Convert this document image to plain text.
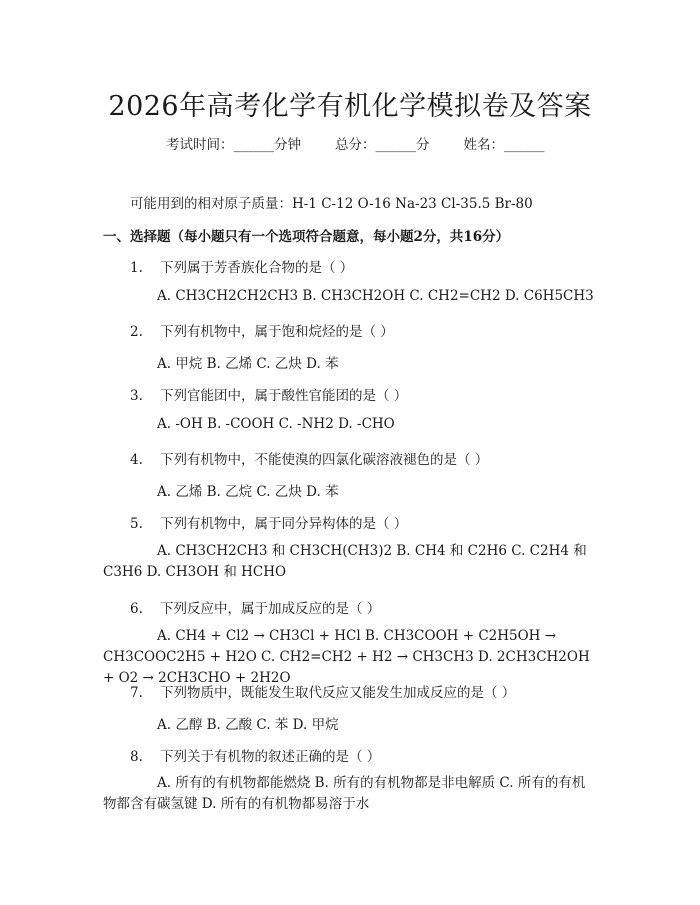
2026年高考化学有机化学模拟卷及答案
考试时间：______分钟	总分：______分	姓名：______
可能用到的相对原子质量：H-1 C-12 O-16 Na-23 Cl-35.5 Br-80
一、选择题（每小题只有一个选项符合题意，每小题2分，共16分）
1. 下列属于芳香族化合物的是（ ）
A. CH3CH2CH2CH3 B. CH3CH2OH C. CH2=CH2 D. C6H5CH3
2. 下列有机物中，属于饱和烷烃的是（ ）
A. 甲烷 B. 乙烯 C. 乙炔 D. 苯
3. 下列官能团中，属于酸性官能团的是（ ）
A. -OH B. -COOH C. -NH2 D. -CHO
4. 下列有机物中，不能使溴的四氯化碳溶液褪色的是（ ）
A. 乙烯 B. 乙烷 C. 乙炔 D. 苯
5. 下列有机物中，属于同分异构体的是（ ）
A. CH3CH2CH3 和 CH3CH(CH3)2 B. CH4 和 C2H6 C. C2H4 和 C3H6 D. CH3OH 和 HCHO
6. 下列反应中，属于加成反应的是（ ）
A. CH4 + Cl2 → CH3Cl + HCl B. CH3COOH + C2H5OH → CH3COOC2H5 + H2O C. CH2=CH2 + H2 → CH3CH3 D. 2CH3CH2OH + O2 → 2CH3CHO + 2H2O
7. 下列物质中，既能发生取代反应又能发生加成反应的是（ ）
A. 乙醇 B. 乙酸 C. 苯 D. 甲烷
8. 下列关于有机物的叙述正确的是（ ）
A. 所有的有机物都能燃烧 B. 所有的有机物都是非电解质 C. 所有的有机物都含有碳氢键 D. 所有的有机物都易溶于水
